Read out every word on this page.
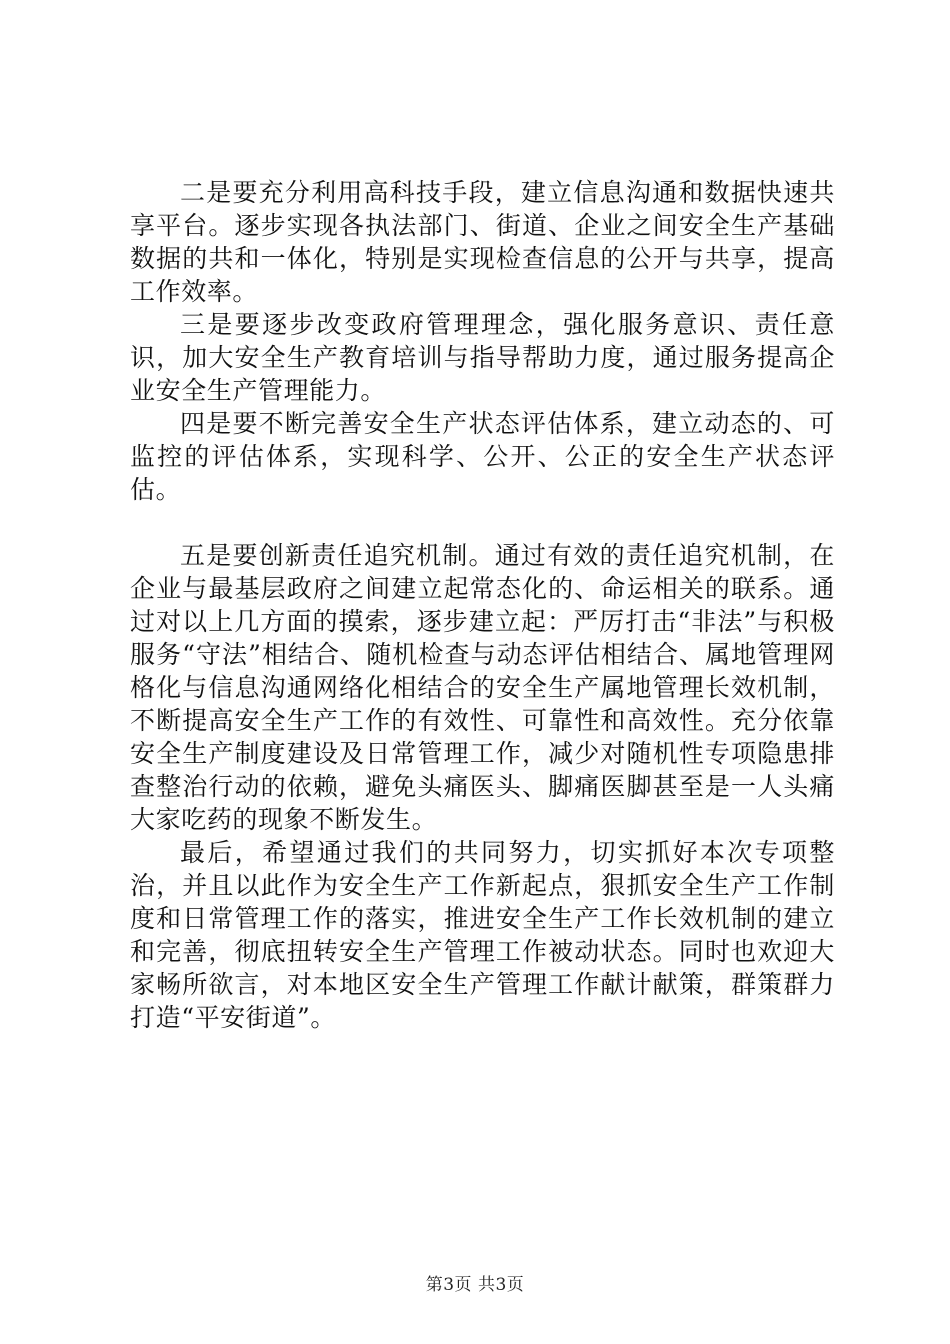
二是要充分利用高科技手段，建立信息沟通和数据快速共享平台。逐步实现各执法部门、街道、企业之间安全生产基础数据的共和一体化，特别是实现检查信息的公开与共享，提高工作效率。

三是要逐步改变政府管理理念，强化服务意识、责任意识，加大安全生产教育培训与指导帮助力度，通过服务提高企业安全生产管理能力。

四是要不断完善安全生产状态评估体系，建立动态的、可监控的评估体系，实现科学、公开、公正的安全生产状态评估。

五是要创新责任追究机制。通过有效的责任追究机制，在企业与最基层政府之间建立起常态化的、命运相关的联系。通过对以上几方面的摸索，逐步建立起：严厉打击“非法”与积极服务“守法”相结合、随机检查与动态评估相结合、属地管理网格化与信息沟通网络化相结合的安全生产属地管理长效机制，不断提高安全生产工作的有效性、可靠性和高效性。充分依靠安全生产制度建设及日常管理工作，减少对随机性专项隐患排查整治行动的依赖，避免头痛医头、脚痛医脚甚至是一人头痛大家吃药的现象不断发生。

最后，希望通过我们的共同努力，切实抓好本次专项整治，并且以此作为安全生产工作新起点，狠抓安全生产工作制度和日常管理工作的落实，推进安全生产工作长效机制的建立和完善，彻底扭转安全生产管理工作被动状态。同时也欢迎大家畅所欲言，对本地区安全生产管理工作献计献策，群策群力打造“平安街道”。

第3页 共3页
